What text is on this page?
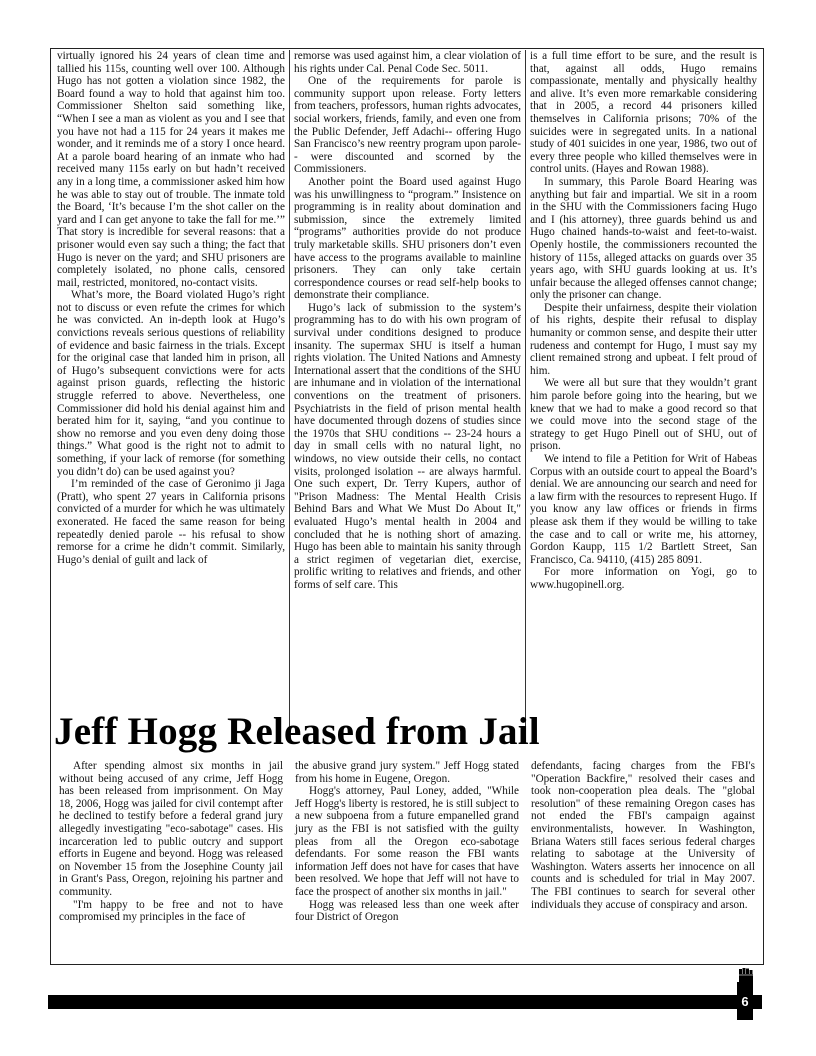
virtually ignored his 24 years of clean time and tallied his 115s, counting well over 100. Although Hugo has not gotten a violation since 1982, the Board found a way to hold that against him too. Commissioner Shelton said something like, “When I see a man as violent as you and I see that you have not had a 115 for 24 years it makes me wonder, and it reminds me of a story I once heard. At a parole board hearing of an inmate who had received many 115s early on but hadn’t received any in a long time, a commissioner asked him how he was able to stay out of trouble. The inmate told the Board, ‘It’s because I’m the shot caller on the yard and I can get anyone to take the fall for me.’” That story is incredible for several reasons: that a prisoner would even say such a thing; the fact that Hugo is never on the yard; and SHU prisoners are completely isolated, no phone calls, censored mail, restricted, monitored, no-contact visits.

What’s more, the Board violated Hugo’s right not to discuss or even refute the crimes for which he was convicted. An in-depth look at Hugo’s convictions reveals serious questions of reliability of evidence and basic fairness in the trials. Except for the original case that landed him in prison, all of Hugo’s subsequent convictions were for acts against prison guards, reflecting the historic struggle referred to above. Nevertheless, one Commissioner did hold his denial against him and berated him for it, saying, “and you continue to show no remorse and you even deny doing those things.” What good is the right not to admit to something, if your lack of remorse (for something you didn’t do) can be used against you?

I’m reminded of the case of Geronimo ji Jaga (Pratt), who spent 27 years in California prisons convicted of a murder for which he was ultimately exonerated. He faced the same reason for being repeatedly denied parole -- his refusal to show remorse for a crime he didn’t commit. Similarly, Hugo’s denial of guilt and lack of

remorse was used against him, a clear violation of his rights under Cal. Penal Code Sec. 5011.

One of the requirements for parole is community support upon release. Forty letters from teachers, professors, human rights advocates, social workers, friends, family, and even one from the Public Defender, Jeff Adachi-- offering Hugo San Francisco’s new reentry program upon parole-- were discounted and scorned by the Commissioners.

Another point the Board used against Hugo was his unwillingness to “program.” Insistence on programming is in reality about domination and submission, since the extremely limited “programs” authorities provide do not produce truly marketable skills. SHU prisoners don’t even have access to the programs available to mainline prisoners. They can only take certain correspondence courses or read self-help books to demonstrate their compliance.

Hugo’s lack of submission to the system’s programming has to do with his own program of survival under conditions designed to produce insanity. The supermax SHU is itself a human rights violation. The United Nations and Amnesty International assert that the conditions of the SHU are inhumane and in violation of the international conventions on the treatment of prisoners. Psychiatrists in the field of prison mental health have documented through dozens of studies since the 1970s that SHU conditions -- 23-24 hours a day in small cells with no natural light, no windows, no view outside their cells, no contact visits, prolonged isolation -- are always harmful. One such expert, Dr. Terry Kupers, author of "Prison Madness: The Mental Health Crisis Behind Bars and What We Must Do About It," evaluated Hugo’s mental health in 2004 and concluded that he is nothing short of amazing. Hugo has been able to maintain his sanity through a strict regimen of vegetarian diet, exercise, prolific writing to relatives and friends, and other forms of self care. This

is a full time effort to be sure, and the result is that, against all odds, Hugo remains compassionate, mentally and physically healthy and alive. It’s even more remarkable considering that in 2005, a record 44 prisoners killed themselves in California prisons; 70% of the suicides were in segregated units. In a national study of 401 suicides in one year, 1986, two out of every three people who killed themselves were in control units. (Hayes and Rowan 1988).

In summary, this Parole Board Hearing was anything but fair and impartial. We sit in a room in the SHU with the Commissioners facing Hugo and I (his attorney), three guards behind us and Hugo chained hands-to-waist and feet-to-waist. Openly hostile, the commissioners recounted the history of 115s, alleged attacks on guards over 35 years ago, with SHU guards looking at us. It’s unfair because the alleged offenses cannot change; only the prisoner can change.

Despite their unfairness, despite their violation of his rights, despite their refusal to display humanity or common sense, and despite their utter rudeness and contempt for Hugo, I must say my client remained strong and upbeat. I felt proud of him.

We were all but sure that they wouldn’t grant him parole before going into the hearing, but we knew that we had to make a good record so that we could move into the second stage of the strategy to get Hugo Pinell out of SHU, out of prison.

We intend to file a Petition for Writ of Habeas Corpus with an outside court to appeal the Board’s denial. We are announcing our search and need for a law firm with the resources to represent Hugo. If you know any law offices or friends in firms please ask them if they would be willing to take the case and to call or write me, his attorney, Gordon Kaupp, 115 1/2 Bartlett Street, San Francisco, Ca. 94110, (415) 285 8091.

For more information on Yogi, go to www.hugopinell.org.

Jeff Hogg Released from Jail

After spending almost six months in jail without being accused of any crime, Jeff Hogg has been released from imprisonment. On May 18, 2006, Hogg was jailed for civil contempt after he declined to testify before a federal grand jury allegedly investigating "eco-sabotage" cases. His incarceration led to public outcry and support efforts in Eugene and beyond. Hogg was released on November 15 from the Josephine County jail in Grant's Pass, Oregon, rejoining his partner and community.

"I'm happy to be free and not to have compromised my principles in the face of

the abusive grand jury system." Jeff Hogg stated from his home in Eugene, Oregon.

Hogg's attorney, Paul Loney, added, "While Jeff Hogg's liberty is restored, he is still subject to a new subpoena from a future empanelled grand jury as the FBI is not satisfied with the guilty pleas from all the Oregon eco-sabotage defendants. For some reason the FBI wants information Jeff does not have for cases that have been resolved. We hope that Jeff will not have to face the prospect of another six months in jail."

Hogg was released less than one week after four District of Oregon

defendants, facing charges from the FBI's "Operation Backfire," resolved their cases and took non-cooperation plea deals. The "global resolution" of these remaining Oregon cases has not ended the FBI's campaign against environmentalists, however. In Washington, Briana Waters still faces serious federal charges relating to sabotage at the University of Washington. Waters asserts her innocence on all counts and is scheduled for trial in May 2007. The FBI continues to search for several other individuals they accuse of conspiracy and arson.

6
